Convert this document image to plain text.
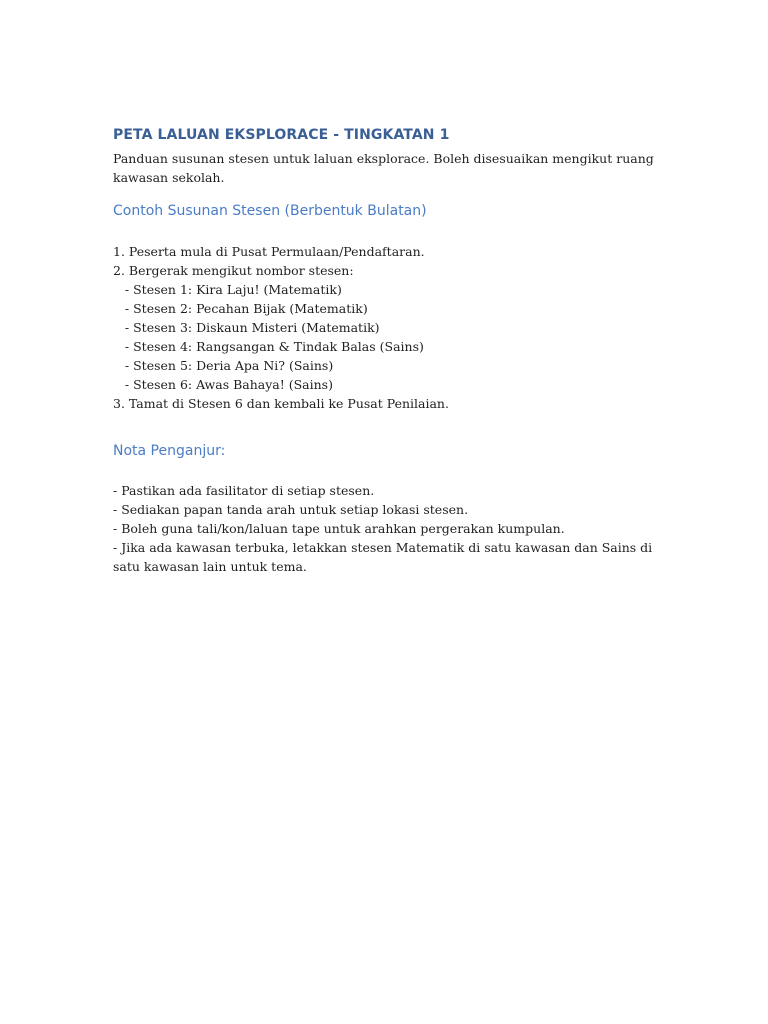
PETA LALUAN EKSPLORACE - TINGKATAN 1

Panduan susunan stesen untuk laluan eksplorace. Boleh disesuaikan mengikut ruang kawasan sekolah.

Contoh Susunan Stesen (Berbentuk Bulatan)
1. Peserta mula di Pusat Permulaan/Pendaftaran.
2. Bergerak mengikut nombor stesen:
- Stesen 1: Kira Laju! (Matematik)
- Stesen 2: Pecahan Bijak (Matematik)
- Stesen 3: Diskaun Misteri (Matematik)
- Stesen 4: Rangsangan & Tindak Balas (Sains)
- Stesen 5: Deria Apa Ni? (Sains)
- Stesen 6: Awas Bahaya! (Sains)
3. Tamat di Stesen 6 dan kembali ke Pusat Penilaian.
Nota Penganjur:
- Pastikan ada fasilitator di setiap stesen.
- Sediakan papan tanda arah untuk setiap lokasi stesen.
- Boleh guna tali/kon/laluan tape untuk arahkan pergerakan kumpulan.
- Jika ada kawasan terbuka, letakkan stesen Matematik di satu kawasan dan Sains di satu kawasan lain untuk tema.
